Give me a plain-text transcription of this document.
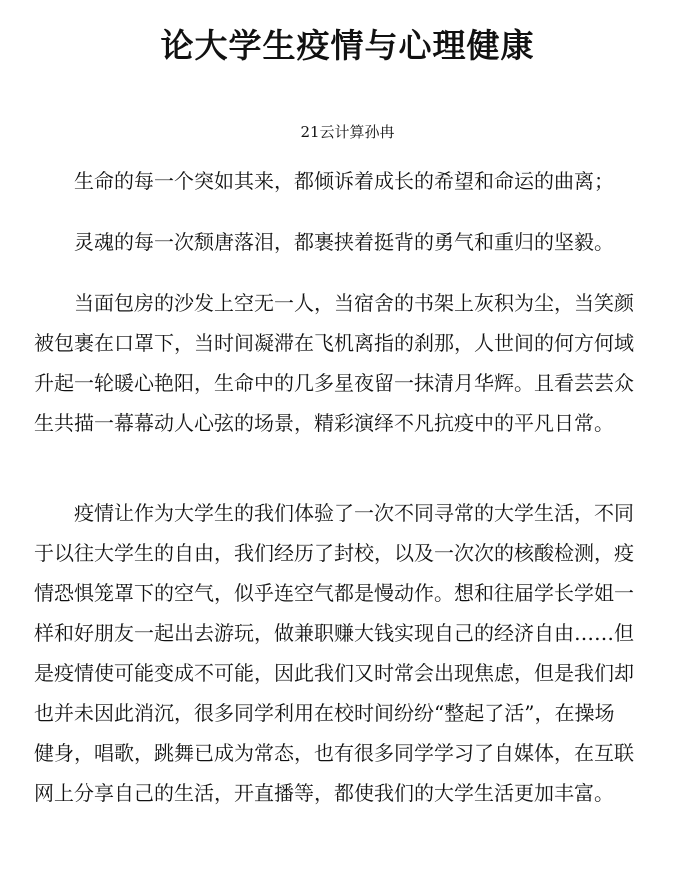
论大学生疫情与心理健康
21云计算孙冉
生命的每一个突如其来，都倾诉着成长的希望和命运的曲离；
灵魂的每一次颓唐落泪，都裹挟着挺背的勇气和重归的坚毅。
当面包房的沙发上空无一人，当宿舍的书架上灰积为尘，当笑颜
被包裹在口罩下，当时间凝滞在飞机离指的刹那，人世间的何方何域
升起一轮暖心艳阳，生命中的几多星夜留一抹清月华辉。且看芸芸众
生共描一幕幕动人心弦的场景，精彩演绎不凡抗疫中的平凡日常。
疫情让作为大学生的我们体验了一次不同寻常的大学生活，不同
于以往大学生的自由，我们经历了封校，以及一次次的核酸检测，疫
情恐惧笼罩下的空气，似乎连空气都是慢动作。想和往届学长学姐一
样和好朋友一起出去游玩，做兼职赚大钱实现自己的经济自由……但
是疫情使可能变成不可能，因此我们又时常会出现焦虑，但是我们却
也并未因此消沉，很多同学利用在校时间纷纷“整起了活”，在操场
健身，唱歌，跳舞已成为常态，也有很多同学学习了自媒体，在互联
网上分享自己的生活，开直播等，都使我们的大学生活更加丰富。
